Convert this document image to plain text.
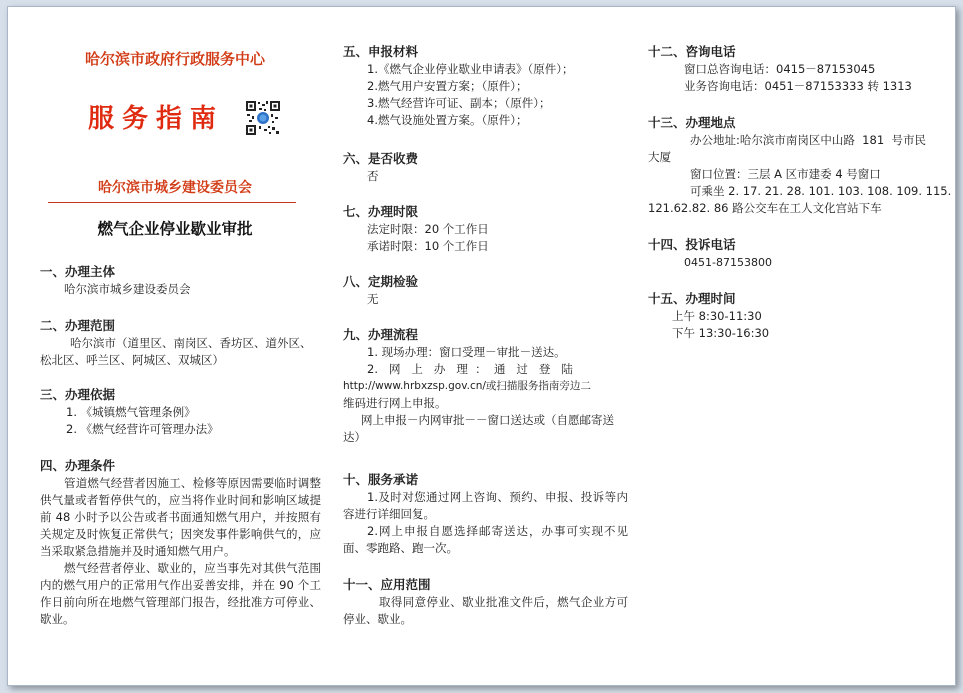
哈尔滨市政府行政服务中心
服务指南
哈尔滨市城乡建设委员会
燃气企业停业歇业审批

一、办理主体

哈尔滨市城乡建设委员会

二、办理范围

哈尔滨市（道里区、南岗区、香坊区、道外区、

松北区、呼兰区、阿城区、双城区）

三、办理依据

1. 《城镇燃气管理条例》

2. 《燃气经营许可管理办法》

四、办理条件

管道燃气经营者因施工、检修等原因需要临时调整供气量或者暂停供气的，应当将作业时间和影响区域提前 48 小时予以公告或者书面通知燃气用户，并按照有关规定及时恢复正常供气；因突发事件影响供气的，应当采取紧急措施并及时通知燃气用户。

燃气经营者停业、歇业的，应当事先对其供气范围内的燃气用户的正常用气作出妥善安排，并在 90 个工作日前向所在地燃气管理部门报告，经批准方可停业、歇业。

五、申报材料

1.《燃气企业停业歇业申请表》（原件）；

2.燃气用户安置方案；（原件）；

3.燃气经营许可证、副本；（原件）；

4.燃气设施处置方案。（原件）；

六、是否收费

否

七、办理时限

法定时限：20 个工作日

承诺时限：10 个工作日

八、定期检验

无

九、办理流程

1. 现场办理：窗口受理－审批－送达。

2.   网   上   办   理  ：  通   过   登   陆

http://www.hrbxzsp.gov.cn/或扫描服务指南旁边二

维码进行网上申报。

网上申报－内网审批－－窗口送达或（自愿邮寄送

达）

十、服务承诺

1.及时对您通过网上咨询、预约、申报、投诉等内容进行详细回复。

2.网上申报自愿选择邮寄送达，办事可实现不见面、零跑路、跑一次。

十一、应用范围

取得同意停业、歇业批准文件后，燃气企业方可停业、歇业。

十二、咨询电话

窗口总咨询电话：0415－87153045

业务咨询电话：0451－87153333 转 1313

十三、办理地点

办公地址:哈尔滨市南岗区中山路  181  号市民

大厦

窗口位置：三层 A 区市建委 4 号窗口

可乘坐 2. 17. 21. 28. 101. 103. 108. 109. 115.

121.62.82. 86 路公交车在工人文化宫站下车

十四、投诉电话

0451-87153800

十五、办理时间

上午 8:30-11:30

下午 13:30-16:30
